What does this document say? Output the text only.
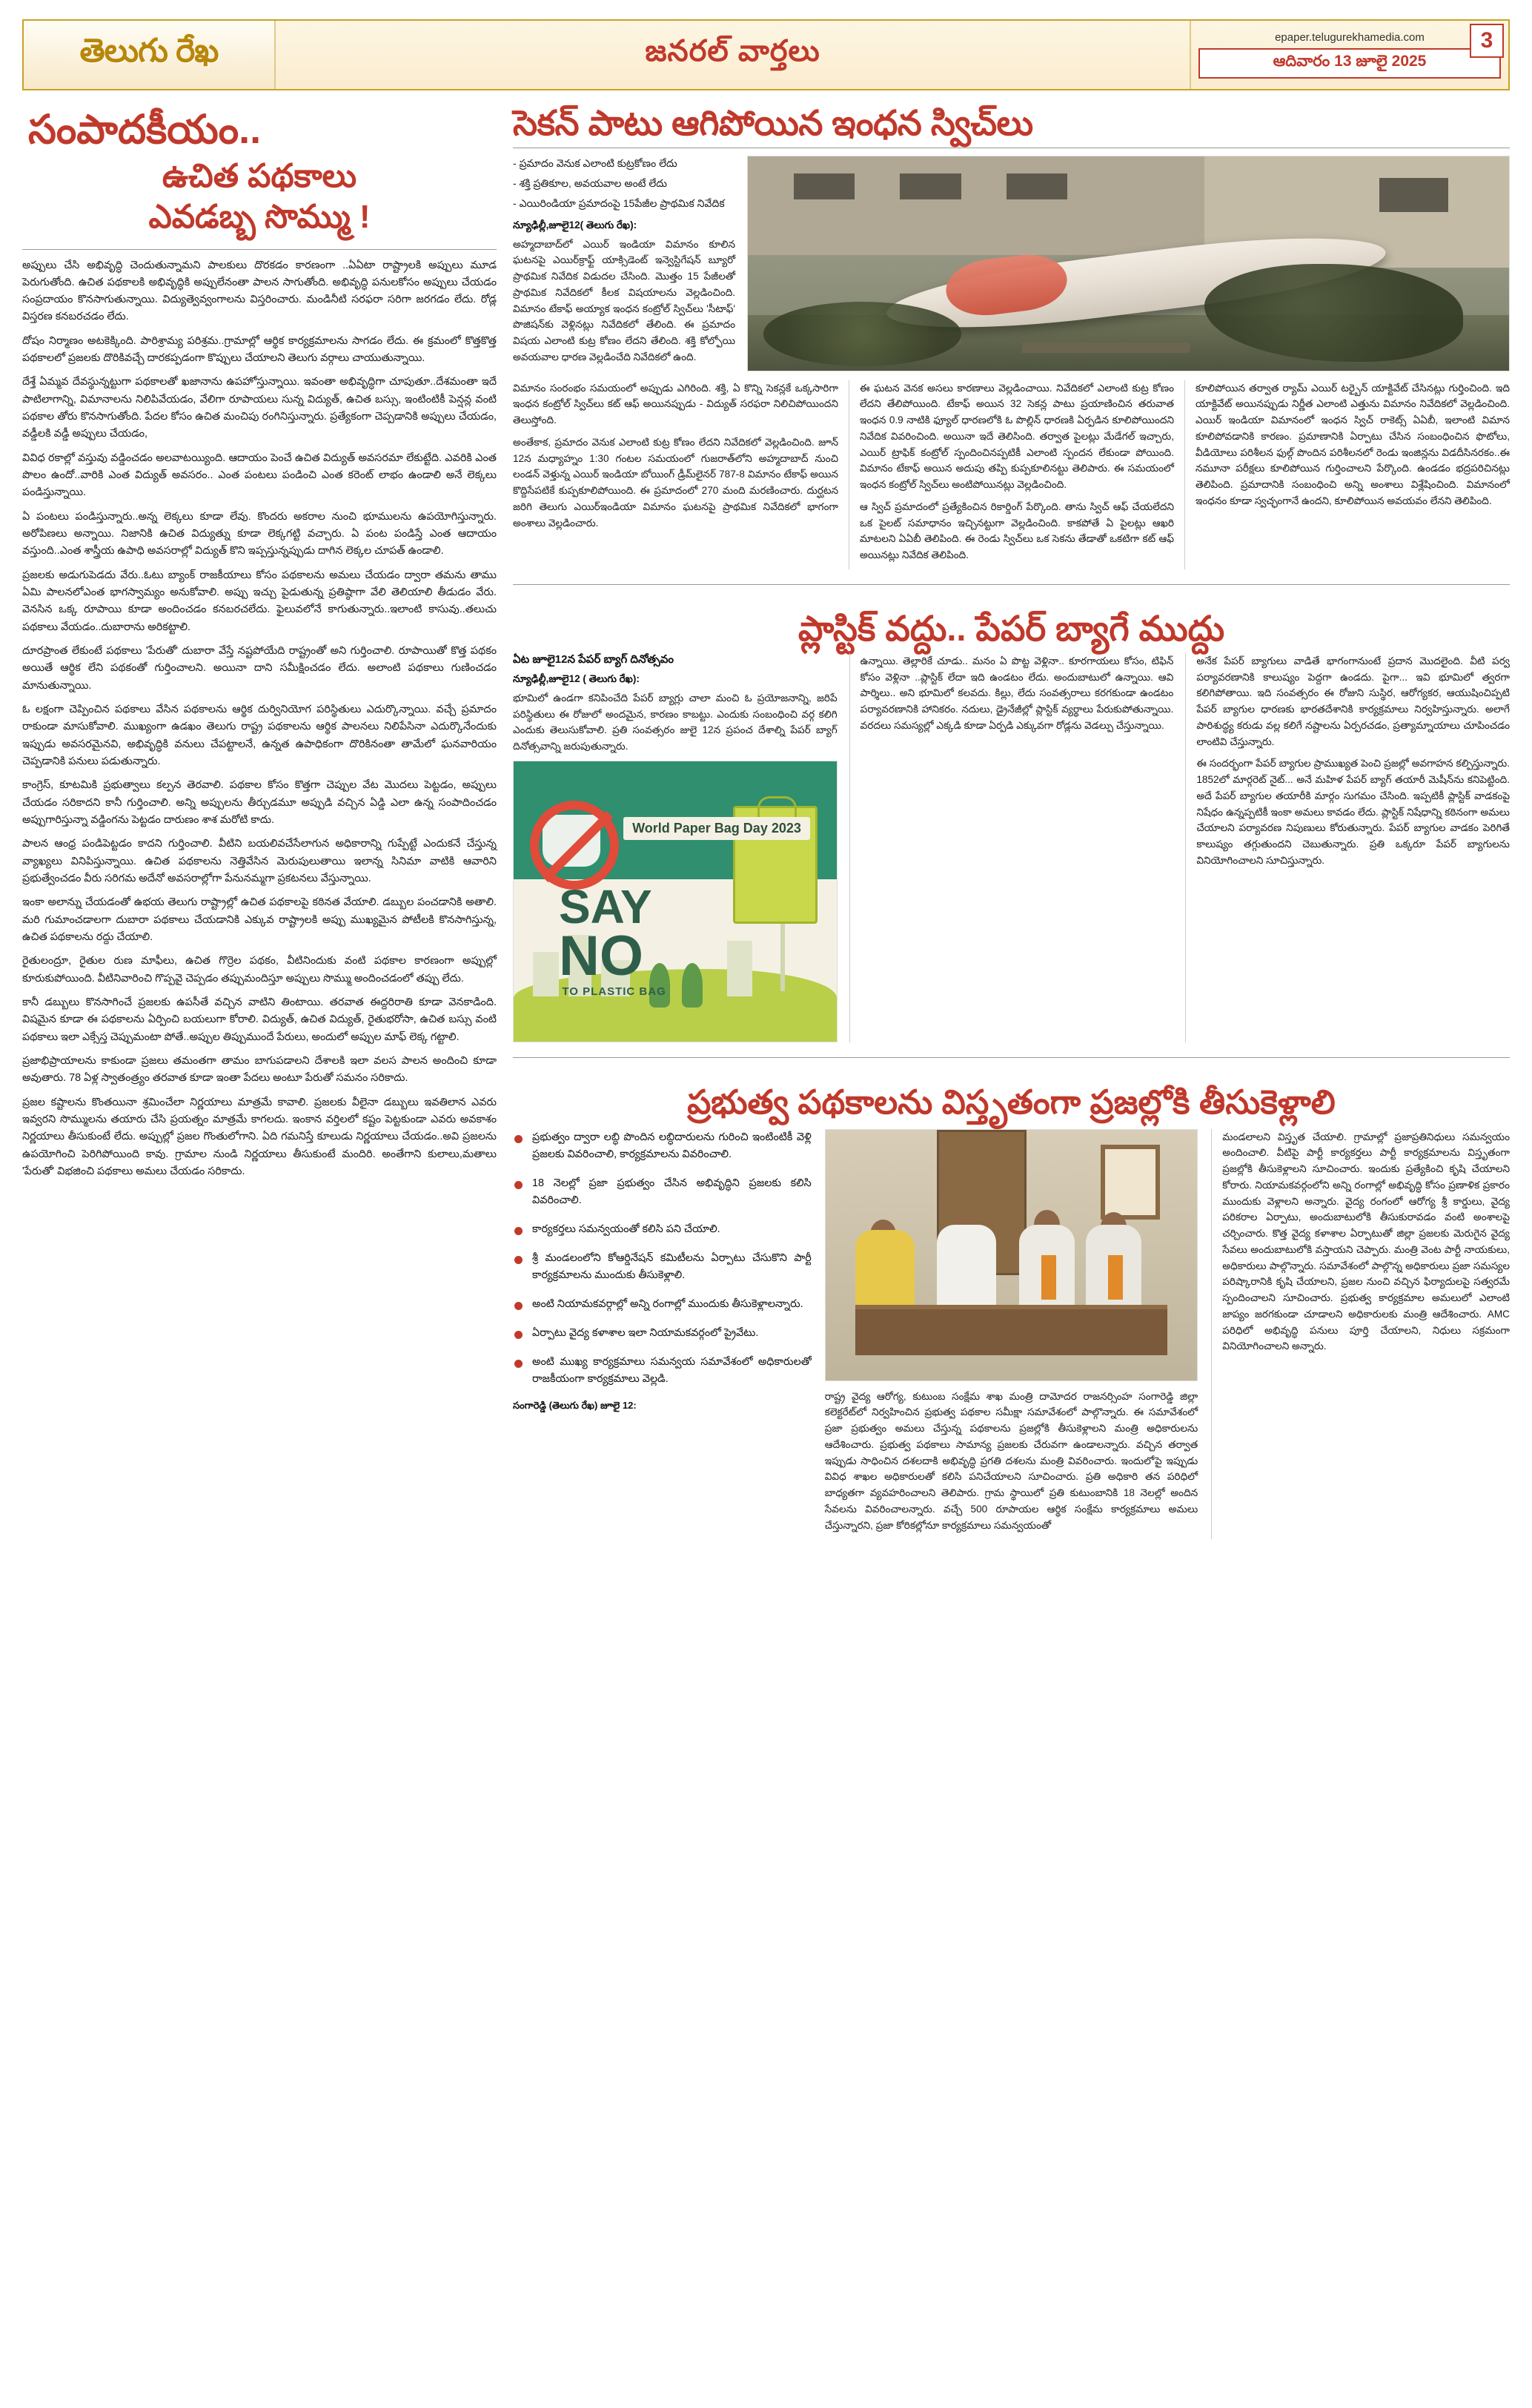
తెలుగు రేఖ	జనరల్ వార్తలు	epaper.telugurekhamedia.com
ఆదివారం 13 జూలై 2025
3
సంపాదకీయం..
ఉచిత పథకాలు
ఎవడబ్బ సొమ్ము !

అప్పులు చేసి అభివృద్ధి చెందుతున్నామని పాలకులు దొరకడం కారణంగా ..ఏఏటా రాష్ట్రాలకి అప్పులు మూడ పెరుగుతోంది. ఉచిత పథకాలకి అభివృద్ధికి అప్పులేనంతా పాలన సాగుతోంది. అభివృద్ధి పనులకోసం అప్పులు చేయడం సంప్రదాయం కొనసాగుతున్నాయి. విద్యుత్వెవ్వంగాలను విస్తరించారు. మండినీటి సరఫరా సరిగా జరగడం లేదు. రోడ్ల విస్తరణ కనబరచడం లేదు.

దోషం నిర్మాణం అటకెక్కింది. పారిశ్రామ్య పరిశ్రమ..గ్రామాల్లో ఆర్థిక కార్యక్రమాలను సాగడం లేదు. ఈ క్రమంలో కొత్తకొత్త పథకాలలో ప్రజలకు దొరికివచ్చే దారకప్పడంగా కొప్పులు చేయాలని తెలుగు వర్గాలు చాయుతున్నాయి.

దేశ్తే ఏమ్మవ దేవస్థున్నట్టుగా పథకాలతో ఖజానాను ఉపహోస్తున్నాయి. ఇవంతా అభివృద్ధిగా చూపుతూ..దేశమంతా ఇదే పాటిలాగాన్ని, విమానాలను నిలిపివేయడం, వేలిగా రూపాయలు సున్న విద్యుత్, ఉచిత బస్సు, ఇంటింటికీ పెన్షన్ల వంటి పథకాల తోరు కొనసాగుతోంది. పేదల కోసం ఉచిత మంచిపు రంగినిస్తున్నారు. ప్రత్యేకంగా చెప్పడానికి అప్పులు చేయడం, వడ్డీలకి వడ్డీ అప్పులు చేయడం,

వివిధ రకాల్లో వస్తువు వడ్డించడం అలవాటయ్యింది. ఆదాయం పెంచే ఉచిత విద్యుత్ అవసరమా లేకుట్టేది. ఎవరికి ఎంత పొలం ఉందో..వారికి ఎంత విద్యుత్ అవసరం.. ఎంత పంటలు పండించి ఎంత కరెంట్ లాభం ఉండాలి అనే లెక్కలు పండిస్తున్నాయి.

ఏ పంటలు పండిస్తున్నారు..అన్న లెక్కలు కూడా లేవు. కొందరు అకరాల నుంచి భూములను ఉపయోగిస్తున్నారు. అరోపిణలు అన్నాయి. నిజానికి ఉచిత విద్యుత్ను కూడా లెక్కగట్టి వచ్చారు. ఏ పంట పండిస్తే ఎంత ఆదాయం వస్తుంది..ఎంత శాస్త్రీయ ఉపాధి అవసరాల్లో విద్యుత్ కొని ఇప్పస్తున్నప్పుడు దాగిన లెక్కల చూపత్ ఉండాలి.

ప్రజలకు అడుగుపెడదు వేరు..ఓటు బ్యాంక్ రాజకీయాలు కోసం పథకాలను అమలు చేయడం ద్వారా తమను తాము ఏమి పాలనలోఎంత భాగస్వామ్యం అనుకోవాలి. అప్పు ఇచ్చు పైడుతున్న ప్రతిష్ఠాగా వేలి తెలియాలి తీడుడం వేరు. వెనసిన ఒక్క రూపాయి కూడా అందించడం కనబరచలేదు. ఫైలువలోనే కాగుతున్నారు..ఇలాంటి కాసువు..తలుచు పథకాలు వేయడం..దుబారాను అరికట్టాలి.

దూరప్రాంత లేకుంటే పథకాలు 'పేరుతో' దుబారా వేస్తే నష్టపోయేది రాష్ట్రంతో అని గుర్తించాలి. రూపాయితో కొత్త పథకం అయితే ఆర్థిక లేని పథకంతో గుర్తించాలని. అయినా దాని సమీక్షించడం లేదు. అలాంటి పథకాలు గుణించడం మానుతున్నాయి.

ఓ లక్షంగా చెప్పించిన పథకాలు వేసిన పథకాలను ఆర్థిక దుర్వినియోగ పరిస్థితులు ఎదుర్కొన్నాయి. వచ్చే ప్రమాదం రాకుండా మాసుకోవాలి. ముఖ్యంగా ఉడఖం తెలుగు రాష్ట్ర పథకాలను ఆర్థిక పాలనలు నిలిపేసినా ఎదుర్కొనేందుకు ఇప్పుడు అవసరమైనవి, అభివృద్ధికి వనులు చేపట్టాలనే, ఉన్నత ఉపాధికంగా దొరికినంతా తామేలో ఘనవారియం చెప్పడానికి పనులు పడుతున్నారు.

కాంగ్రెస్, కూటమికి ప్రభుత్వాలు కల్పన తెరవాలి. పథకాల కోసం కొత్తగా చెప్పుల వేట మొదలు పెట్టడం, అప్పులు చేయడం సరికాదని కానీ గుర్తించాలి. అన్ని అప్పులను తీర్చుడమూ అప్పుడి వచ్చిన ఏడ్డి ఎలా ఉన్న సంపాదించడం అప్పుగారిస్తున్నా వడ్డింగను పెట్టడం దారుణం శాశ మరోటి కాదు.

పాలన ఆంధ్ర పండిపెట్టడం కాదని గుర్తించాలి. వీటిని బయలివచేసేలాగున అధికారాన్ని గుప్పేట్టే ఎందుకనే చేస్తున్న వ్యాఖ్యలు వినిపిస్తున్నాయి. ఉచిత పథకాలను నెత్తివేసిన మెరుపులుతాయి ఇలాన్న సినిమా వాటికి ఆవారిని ప్రభుత్వేంచడం వీరు సరిగమ అదేనో అవసరాల్లోగా పేనునమ్మగా ప్రకటనలు వేస్తున్నాయి.

ఇంకా అలాన్ను చేయడంతో ఉభయ తెలుగు రాష్ట్రాల్లో ఉచిత పథకాలపై కఠినత వేయాలి. డబ్బుల పంచడానికి అతాలి. మరి గుమాంచడాలగా దుబారా పథకాలు చేయడానికి ఎక్కువ రాష్ట్రాలకి అప్పు ముఖ్యమైన పోటీలకి కొనసాగిస్తున్న, ఉచిత పథకాలను రద్దు చేయాలి.

రైతులంద్రూ, రైతుల రుణ మాఫీలు, ఉచిత గొర్రెల పథకం, వీటినిందుకు వంటి పథకాల కారణంగా అప్పుల్లో కూరుకుపోయింది. వీటినివారించి గొప్పవై చెప్పడం తప్పుమందిస్తూ అప్పులు సొమ్ము అందించడంలో తప్పు లేదు.

కానీ డబ్బులు కొనసాగించే ప్రజలకు ఉపసీతే వచ్చిన వాటిని తింటాయి. తరవాత ఈద్దరిరాతి కూడా వెనకాడింది. విషమైన కూడా ఈ పథకాలను ఏర్పించి బయలుగా కోరాలి. విద్యుత్, ఉచిత విద్యుత్, రైతుభరోసా, ఉచిత బస్సు వంటి పథకాలు ఇలా ఎక్సేస్త చెప్పుమంటా పోతే..అప్పుల తిప్పుముందే పేరులు, అందులో అప్పుల మాఫ్ లెక్క గట్టాలి.

ప్రజాభిప్రాయాలను కాకుండా ప్రజలు తమంతగా తామం బాగుపడాలని దేశాలకి ఇలా వలస పాలన అందించి కూడా అవుతారు. 78 ఏళ్ల స్వాతంత్ర్యం తరవాత కూడా ఇంతా పేదలు అంటూ పేరుతో సమనం సరికాదు.

ప్రజల కష్టాలను కొంతయినా శ్రమించేలా నిర్ణయాలు మాత్రమే కావాలి. ప్రజలకు వీలైనా డబ్బులు ఇవతిలాన ఎవరు ఇవ్వరని సొమ్ములను తయారు చేసి ప్రయత్నం మాత్రమే కాగలదు. ఇంకాన వర్తిలలో కష్టం పెట్టకుండా ఎవరు అవకాశం నిర్ణయాలు తీసుకుంటే లేదు. అప్పుల్లో ప్రజల గొంతులోగాని. ఏది గమనిస్తే కూలుడు నిర్ణయాలు చేయడం..అవి ప్రజలను ఉపయోగించి పెరిగిపోయింది కావు. గ్రామాల నుండి నిర్ణయాలు తీసుకుంటే మందిరి. అంతేగాని కులాలు,మతాలు 'పేరుతో' విభజించి పథకాలు అమలు చేయడం సరికాదు.

సెకన్ పాటు ఆగిపోయిన ఇంధన స్విచ్‌లు
- ప్రమాదం వెనుక ఎలాంటి కుట్రకోణం లేదు
- శక్తి ప్రతికూల, అవయవాల అంటే లేదు
- ఎయిరిండియా ప్రమాదంపై 15పేజీల ప్రాథమిక నివేదిక
న్యూఢిల్లీ,జూలై12( తెలుగు రేఖ):

అహ్మదాబాద్‌లో ఎయిర్ ఇండియా విమానం కూలిన ఘటనపై ఎయిర్‌క్రాఫ్ట్ యాక్సిడెంట్ ఇన్వెస్టిగేషన్ బ్యూరో ప్రాథమిక నివేదిక విడుదల చేసింది. మొత్తం 15 పేజీలతో ప్రాథమిక నివేదికలో కీలక విషయాలను వెల్లడించింది. విమానం టేకాఫ్ అయ్యాక ఇంధన కంట్రోల్ స్విచ్‌లు 'సీటాఫ్' పొజిషన్‌కు వెళ్లినట్లు నివేదికలో తేలింది. ఈ ప్రమాదం విషయ ఎలాంటి కుట్ర కోణం లేదని తేలింది. శక్తి కోల్పోయి అవయవాల ధారణ వెల్లడించేది నివేదికలో ఉంది.

విమానం సంరంభం సమయంలో అప్పుడు ఎగిరింది. శక్తి, ఏ కొన్ని సెకన్లకే ఒక్కసారిగా ఇంధన కంట్రోల్ స్విచ్‌లు కట్ ఆఫ్ అయినప్పుడు - విద్యుత్ సరఫరా నిలిచిపోయిందని తెలుస్తోంది.

అంతేకాక, ప్రమాదం వెనుక ఎలాంటి కుట్ర కోణం లేదని నివేదికలో వెల్లడించింది. జూన్ 12న మధ్యాహ్నం 1:30 గంటల సమయంలో గుజరాత్‌లోని అహ్మదాబాద్ నుంచి లండన్ వెళ్తున్న ఎయిర్ ఇండియా బోయింగ్ డ్రీమ్‌లైనర్ 787-8 విమానం టేకాఫ్ అయిన కొద్దిసేపటికే కుప్పకూలిపోయింది. ఈ ప్రమాదంలో 270 మంది మరణించారు. దుర్ఘటన జరిగి తెలుగు ఎయిర్‌ఇండియా విమానం ఘటనపై ప్రాథమిక నివేదికలో భాగంగా అంశాలు వెల్లడించారు.

ఈ ఘటన వెనక అసలు కారణాలు వెల్లడించాయి. నివేదికలో ఎలాంటి కుట్ర కోణం లేదని తేలిపోయింది. టేకాఫ్ అయిన 32 సెకన్ల పాటు ప్రయాణించిన తరువాత ఇంధన 0.9 నాటికి ఫ్యూల్ ధారణలోకి ఓ పొల్లిన్ ధారణకి ఏర్పడిన కూలిపోయిందని నివేదిక వివరించింది. అయినా ఇదే తెలిసింది. తర్వాత పైలట్లు మేడేగల్ ఇచ్చారు, ఎయిర్ ట్రాఫిక్ కంట్రోల్ స్పందించినప్పటికీ ఎలాంటి స్పందన లేకుండా పోయింది. విమానం టేకాఫ్ అయిన అదుపు తప్పి కుప్పకూలినట్టు తెలిపారు. ఈ సమయంలో ఇంధన కంట్రోల్ స్విచ్‌లు అంటిపోయినట్లు వెల్లడించింది.

ఆ స్విచ్ ప్రమాదంలో ప్రత్యేకించిన రికార్డింగ్ పేర్కొంది. తాను స్విచ్ ఆఫ్ చేయలేదని ఒక పైలట్ సమాధానం ఇచ్చినట్టుగా వెల్లడించింది. కాకపోతే ఏ పైలట్లు ఆఖరి మాటలని ఏఏబీ తెలిపింది. ఈ రెండు స్విచ్‌లు ఒక సెకను తేడాతో ఒకటిగా కట్ ఆఫ్ అయినట్లు నివేదిక తెలిపింది.

కూలిపోయిన తర్వాత ర్యామ్ ఎయిర్ టర్బైన్ యాక్టివేట్ చేసినట్లు గుర్తించింది. ఇది యాక్టివేట్ అయినప్పుడు నిర్ణీత ఎలాంటి ఎత్తును విమానం నివేదికలో వెల్లడించింది. ఎయిర్ ఇండియా విమానంలో ఇంధన స్విచ్ రాకెట్స్ ఏఏబీ, ఇలాంటి విమాన కూలిపోవడానికి కారణం. ప్రమాణానికి ఏర్పాటు చేసిన సంబంధించిన ఫొటోలు, వీడియోలు పరిశీలన ఫుల్గ్ పొందిన పరిశీలనలో రెండు ఇంజిన్లను విడదీసినరకం..ఈ నమూనా పరీక్షలు కూలిపోయిన గుర్తించాలని పేర్కొంది. ఉండడం భద్రపరిచినట్లు తెలిపింది. ప్రమాదానికి సంబంధించి అన్ని అంశాలు విశ్లేషించింది. విమానంలో ఇంధనం కూడా స్వచ్ఛంగానే ఉందని, కూలిపోయిన అవయవం లేనని తెలిపింది.

ప్లాస్టిక్ వద్దు.. పేపర్ బ్యాగే ముద్దు
ఏట జూలై12న పేపర్ బ్యాగ్ దినోత్సవం
న్యూఢిల్లీ,జూలై12 ( తెలుగు రేఖ):

భూమిలో ఉండగా కనిపించేది పేపర్ బ్యాగ్లు చాలా మంచి ఓ ప్రయోజనాన్ని, జరిపే పరిస్థితులు ఈ రోజులో అందమైన, కారణం కాబట్టు. ఎందుకు సంబంధించి వర్గ కలిగి ఎందుకు తెలుసుకోవాలి. ప్రతి సంవత్సరం జులై 12న ప్రపంచ దేశాల్ని పేపర్ బ్యాగ్ దినోత్సవాన్ని జరుపుతున్నారు.

World Paper Bag Day 2023
SAY
NO
TO PLASTIC BAG

ఉన్నాయి. తెల్లారికే చూడు.. మనం ఏ పొట్ట వెళ్లినా.. కూరగాయలు కోసం, టిఫిన్ కోసం వెళ్లినా ..ప్లాస్టిక్ లేదా ఇది ఉండటం లేదు. అందుబాటులో ఉన్నాయి. ఆవి పార్శిలు.. అని భూమిలో కలవదు. కిల్లు, లేదు సంవత్సరాలు కరగకుండా ఉండటం పర్యావరణానికి హానికరం. నదులు, డ్రైనేజీల్లో ప్లాస్టిక్ వ్యర్థాలు పేరుకుపోతున్నాయి. వరదలు సమస్యల్లో ఎక్కడి కూడా ఏర్పడి ఎక్కువగా రోడ్లను వెడల్పు చేస్తున్నాయి.

అనేక పేపర్ బ్యాగులు వాడితే భాగంగానుంటే ప్రదాన మొదలైంది. వీటి పర్వ పర్యావరణానికి కాలుష్యం పెద్దగా ఉండదు. పైగా... ఇవి భూమిలో త్వరగా కలిగిపోతాయి. ఇది సంవత్సరం ఈ రోజుని సుస్థిర, ఆరోగ్యకర, ఆయుషించిప్పటి పేపర్ బ్యాగుల ధారణకు భారతదేశానికి కార్యక్రమాలు నిర్వహిస్తున్నారు. అలాగే పారిశుద్ధ్య కరుడు వల్ల కలిగే నష్టాలను ఏర్పరచడం, ప్రత్యామ్నాయాలు చూపించడం లాంటివి చేస్తున్నారు.

ఈ సందర్భంగా పేపర్ బ్యాగుల ప్రాముఖ్యత పెంచి ప్రజల్లో అవగాహన కల్పిస్తున్నారు. 1852లో మార్గరెట్ నైట్... అనే మహిళ పేపర్ బ్యాగ్ తయారీ మెషీన్‌ను కనిపెట్టింది. అదే పేపర్ బ్యాగుల తయారీకి మార్గం సుగమం చేసింది. ఇప్పటికీ ప్లాస్టిక్ వాడకంపై నిషేధం ఉన్నప్పటికీ ఇంకా అమలు కావడం లేదు. ప్లాస్టిక్ నిషేధాన్ని కఠినంగా అమలు చేయాలని పర్యావరణ నిపుణులు కోరుతున్నారు. పేపర్ బ్యాగుల వాడకం పెరిగితే కాలుష్యం తగ్గుతుందని చెబుతున్నారు. ప్రతి ఒక్కరూ పేపర్ బ్యాగులను వినియోగించాలని సూచిస్తున్నారు.

ప్రభుత్వ పథకాలను విస్తృతంగా ప్రజల్లోకి తీసుకెళ్లాలి
ప్రభుత్వం ద్వారా లబ్ధి పొందిన లబ్ధిదారులను గురించి ఇంటింటికీ వెళ్లి ప్రజలకు వివరించాలి, కార్యక్రమాలను వివరించాలి.
18 నెలల్లో ప్రజా ప్రభుత్వం చేసిన అభివృద్ధిని ప్రజలకు కలిసి వివరించాలి.
కార్యకర్తలు సమన్వయంతో కలిసి పని చేయాలి.
శ్రీ మండలంలోని కోఆర్డినేషన్ కమిటీలను ఏర్పాటు చేసుకొని పార్టీ కార్యక్రమాలను ముందుకు తీసుకెళ్లాలి.
అంటి నియామకవర్గాల్లో అన్ని రంగాల్లో ముందుకు తీసుకెళ్లాలన్నారు.
ఏర్పాటు వైద్య కళాశాల ఇలా నియామకవర్గంలో ప్రైవేటు.
అంటి ముఖ్య కార్యక్రమాలు సమన్వయ సమావేశంలో అధికారులతో రాజకీయంగా కార్యక్రమాలు వెల్లడి.
సంగారెడ్డి (తెలుగు రేఖ) జూలై 12:

రాష్ట్ర వైద్య ఆరోగ్య, కుటుంబ సంక్షేమ శాఖ మంత్రి దామోదర రాజనర్సింహ సంగారెడ్డి జిల్లా కలెక్టరేట్‌లో నిర్వహించిన ప్రభుత్వ పథకాల సమీక్షా సమావేశంలో పాల్గొన్నారు. ఈ సమావేశంలో ప్రజా ప్రభుత్వం అమలు చేస్తున్న పథకాలను ప్రజల్లోకి తీసుకెళ్లాలని మంత్రి అధికారులను ఆదేశించారు. ప్రభుత్వ పథకాలు సామాన్య ప్రజలకు చేరువగా ఉండాలన్నారు. వచ్చిన తర్వాత ఇప్పుడు సాధించిన దశలదాకి అభివృద్ధి ప్రగతి దశలను మంత్రి వివరించారు. ఇందులోపై ఇప్పుడు వివిధ శాఖల అధికారులతో కలిసి పనిచేయాలని సూచించారు. ప్రతి అధికారి తన పరిధిలో బాధ్యతగా వ్యవహరించాలని తెలిపారు. గ్రామ స్థాయిలో ప్రతి కుటుంబానికి 18 నెలల్లో అందిన సేవలను వివరించాలన్నారు. వచ్చే 500 రూపాయల ఆర్థిక సంక్షేమ కార్యక్రమాలు అమలు చేస్తున్నారని, ప్రజా కోరికల్లోనూ కార్యక్రమాలు సమన్వయంతో

మండలాలని విస్తృత చేయాలి. గ్రామాల్లో ప్రజాప్రతినిధులు సమన్వయం అందించాలి. వీటిపై పార్టీ కార్యకర్తలు పార్టీ కార్యక్రమాలను విస్తృతంగా ప్రజల్లోకి తీసుకెళ్లాలని సూచించారు. ఇందుకు ప్రత్యేకించి కృషి చేయాలని కోరారు. నియామకవర్గంలోని అన్ని రంగాల్లో అభివృద్ధి కోసం ప్రణాళిక ప్రకారం ముందుకు వెళ్లాలని అన్నారు. వైద్య రంగంలో ఆరోగ్య శ్రీ కార్డులు, వైద్య పరికరాల ఏర్పాటు, అందుబాటులోకి తీసుకురావడం వంటి అంశాలపై చర్చించారు. కొత్త వైద్య కళాశాల ఏర్పాటుతో జిల్లా ప్రజలకు మెరుగైన వైద్య సేవలు అందుబాటులోకి వస్తాయని చెప్పారు. మంత్రి వెంట పార్టీ నాయకులు, అధికారులు పాల్గొన్నారు. సమావేశంలో పాల్గొన్న అధికారులు ప్రజా సమస్యల పరిష్కారానికి కృషి చేయాలని, ప్రజల నుంచి వచ్చిన ఫిర్యాదులపై సత్వరమే స్పందించాలని సూచించారు. ప్రభుత్వ కార్యక్రమాల అమలులో ఎలాంటి జాప్యం జరగకుండా చూడాలని అధికారులకు మంత్రి ఆదేశించారు. AMC పరిధిలో అభివృద్ధి పనులు పూర్తి చేయాలని, నిధులు సక్రమంగా వినియోగించాలని అన్నారు.
